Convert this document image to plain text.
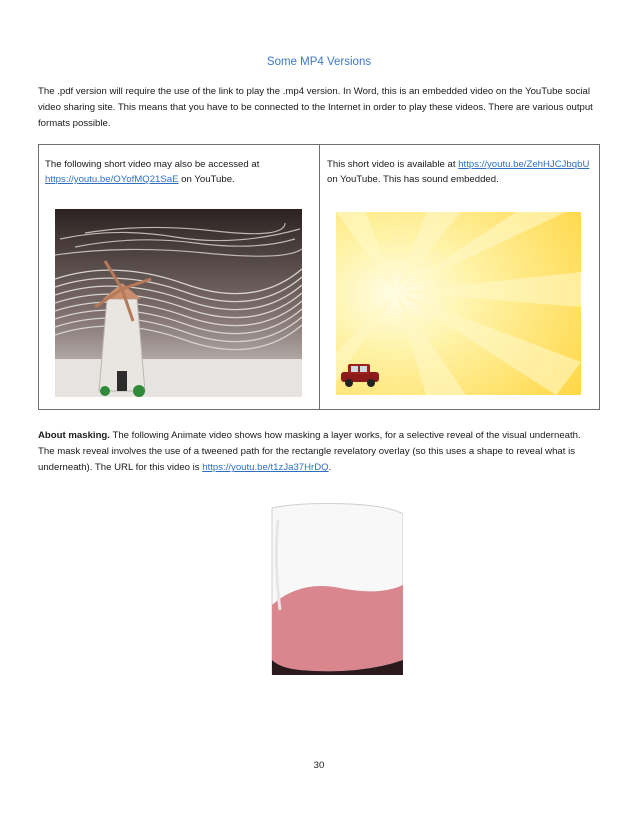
Some MP4 Versions
The .pdf version will require the use of the link to play the .mp4 version. In Word, this is an embedded video on the YouTube social video sharing site. This means that you have to be connected to the Internet in order to play these videos. There are various output formats possible.
The following short video may also be accessed at https://youtu.be/OYofMQ21SaE on YouTube.
This short video is available at https://youtu.be/ZehHJCJbqbU on YouTube. This has sound embedded.
About masking. The following Animate video shows how masking a layer works, for a selective reveal of the visual underneath. The mask reveal involves the use of a tweened path for the rectangle revelatory overlay (so this uses a shape to reveal what is underneath). The URL for this video is https://youtu.be/t1zJa37HrDQ.
30
